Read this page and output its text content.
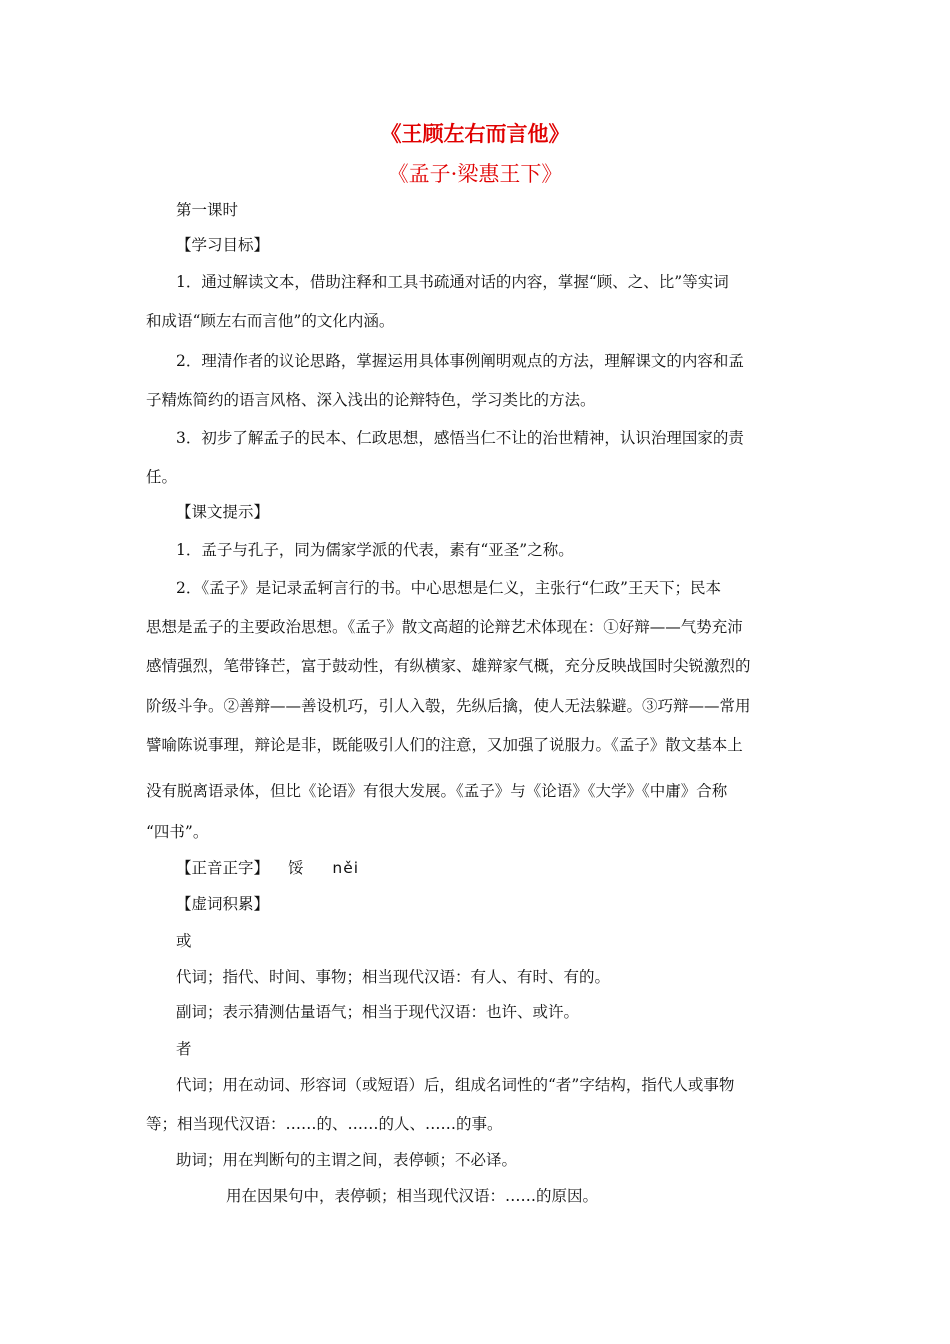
《王顾左右而言他》
《孟子·梁惠王下》
第一课时
【学习目标】
1．通过解读文本，借助注释和工具书疏通对话的内容，掌握“顾、之、比”等实词
和成语“顾左右而言他”的文化内涵。
2．理清作者的议论思路，掌握运用具体事例阐明观点的方法，理解课文的内容和孟
子精炼简约的语言风格、深入浅出的论辩特色，学习类比的方法。
3．初步了解孟子的民本、仁政思想，感悟当仁不让的治世精神，认识治理国家的责
任。
【课文提示】
1．孟子与孔子，同为儒家学派的代表，素有“亚圣”之称。
2．《孟子》是记录孟轲言行的书。中心思想是仁义，主张行“仁政”王天下；民本
思想是孟子的主要政治思想。《孟子》散文高超的论辩艺术体现在：①好辩——气势充沛
感情强烈，笔带锋芒，富于鼓动性，有纵横家、雄辩家气概，充分反映战国时尖锐激烈的
阶级斗争。②善辩——善设机巧，引人入彀，先纵后擒，使人无法躲避。③巧辩——常用
譬喻陈说事理，辩论是非，既能吸引人们的注意，又加强了说服力。《孟子》散文基本上
没有脱离语录体，但比《论语》有很大发展。《孟子》与《论语》《大学》《中庸》合称
“四书”。
【正音正字】 馁 něi
【虚词积累】
或
代词；指代、时间、事物；相当现代汉语：有人、有时、有的。
副词；表示猜测估量语气；相当于现代汉语：也许、或许。
者
代词；用在动词、形容词（或短语）后，组成名词性的“者”字结构，指代人或事物
等；相当现代汉语：……的、……的人、……的事。
助词；用在判断句的主谓之间，表停顿；不必译。
用在因果句中，表停顿；相当现代汉语：……的原因。
